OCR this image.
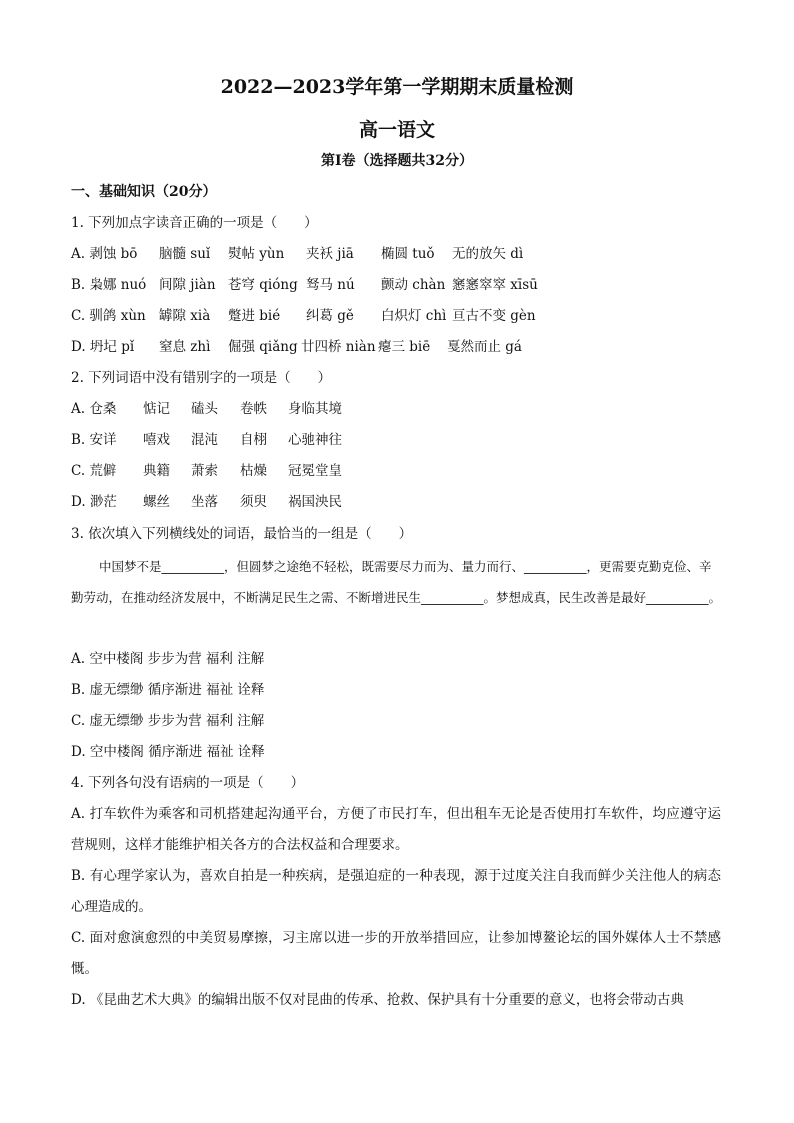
2022—2023学年第一学期期末质量检测
高一语文
第Ⅰ卷（选择题共32分）
一、基础知识（20分）
1. 下列加点字读音正确的一项是（　　）
A. 剥蚀 bō 脑髓 suǐ 熨帖 yùn 夹袄 jiā 椭圆 tuǒ 无的放矢 dì
B. 枭娜 nuó 间隙 jiàn 苍穹 qióng 驽马 nú 颤动 chàn 窸窸窣窣 xīsū
C. 驯鸽 xùn 罅隙 xià 蹩进 bié 纠葛 gě 白炽灯 chì 亘古不变 gèn
D. 坍圮 pǐ 窒息 zhì 倔强 qiǎng 廿四桥 niàn 瘪三 biē 戛然而止 gá
2. 下列词语中没有错别字的一项是（　　）
A. 仓桑 惦记 磕头 卷帙 身临其境
B. 安详 嘻戏 混沌 自栩 心驰神往
C. 荒僻 典籍 萧索 枯燥 冠冕堂皇
D. 渺茫 螺丝 坐落 须臾 祸国泱民
3. 依次填入下列横线处的词语，最恰当的一组是（　　）
中国梦不是__________，但圆梦之途绝不轻松，既需要尽力而为、量力而行、__________，更需要克勤克俭、辛勤劳动，在推动经济发展中，不断满足民生之需、不断增进民生__________。梦想成真，民生改善是最好__________。
A. 空中楼阁 步步为营 福利 注解
B. 虚无缥缈 循序渐进 福祉 诠释
C. 虚无缥缈 步步为营 福利 注解
D. 空中楼阁 循序渐进 福祉 诠释
4. 下列各句没有语病的一项是（　　）
A. 打车软件为乘客和司机搭建起沟通平台，方便了市民打车，但出租车无论是否使用打车软件，均应遵守运营规则，这样才能维护相关各方的合法权益和合理要求。
B. 有心理学家认为，喜欢自拍是一种疾病，是强迫症的一种表现，源于过度关注自我而鲜少关注他人的病态心理造成的。
C. 面对愈演愈烈的中美贸易摩擦，习主席以进一步的开放举措回应，让参加博鳌论坛的国外媒体人士不禁感慨。
D. 《昆曲艺术大典》的编辑出版不仅对昆曲的传承、抢救、保护具有十分重要的意义，也将会带动古典
